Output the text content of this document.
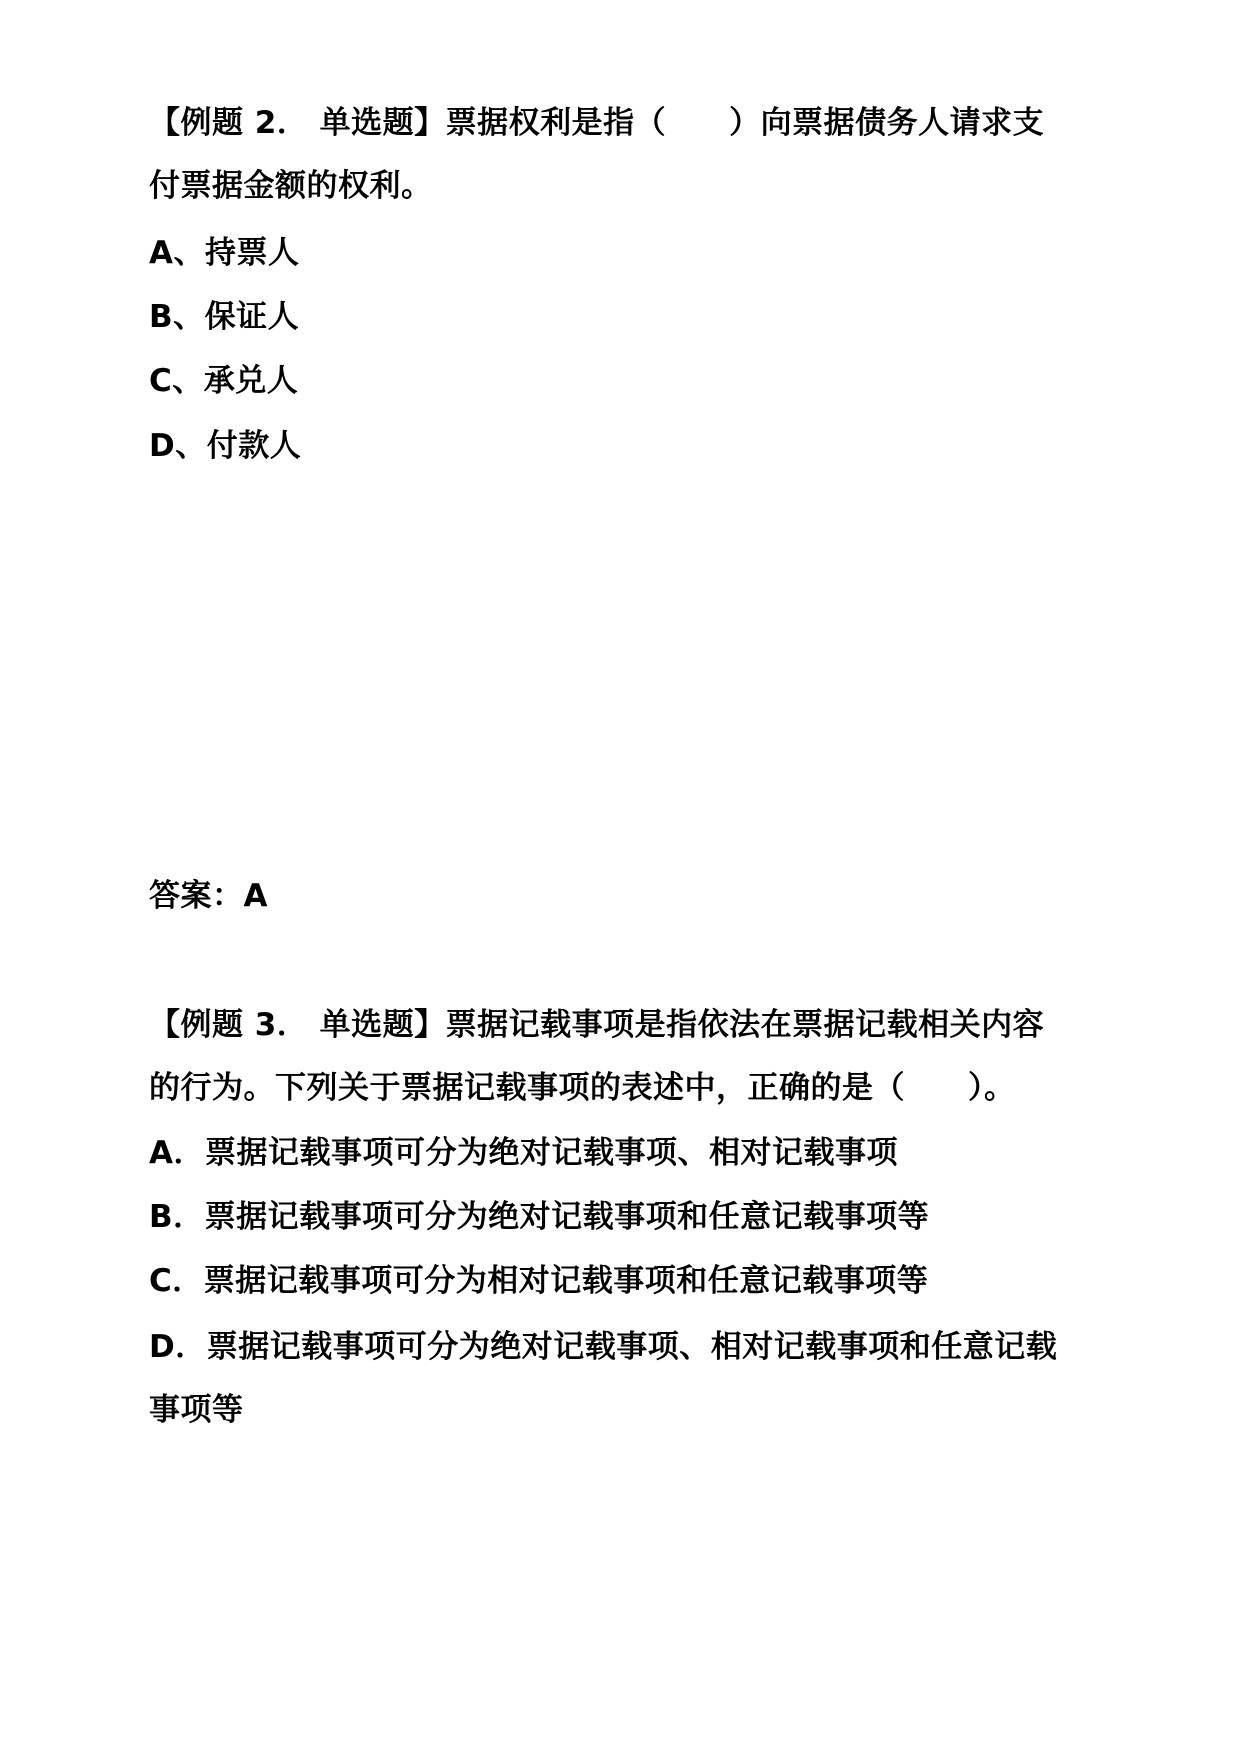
【例题 2． 单选题】票据权利是指（　　）向票据债务人请求支

付票据金额的权利。

A、持票人

B、保证人

C、承兑人

D、付款人

答案：A

【例题 3． 单选题】票据记载事项是指依法在票据记载相关内容

的行为。下列关于票据记载事项的表述中，正确的是（　　）。

A．票据记载事项可分为绝对记载事项、相对记载事项

B．票据记载事项可分为绝对记载事项和任意记载事项等

C．票据记载事项可分为相对记载事项和任意记载事项等

D．票据记载事项可分为绝对记载事项、相对记载事项和任意记载

事项等
